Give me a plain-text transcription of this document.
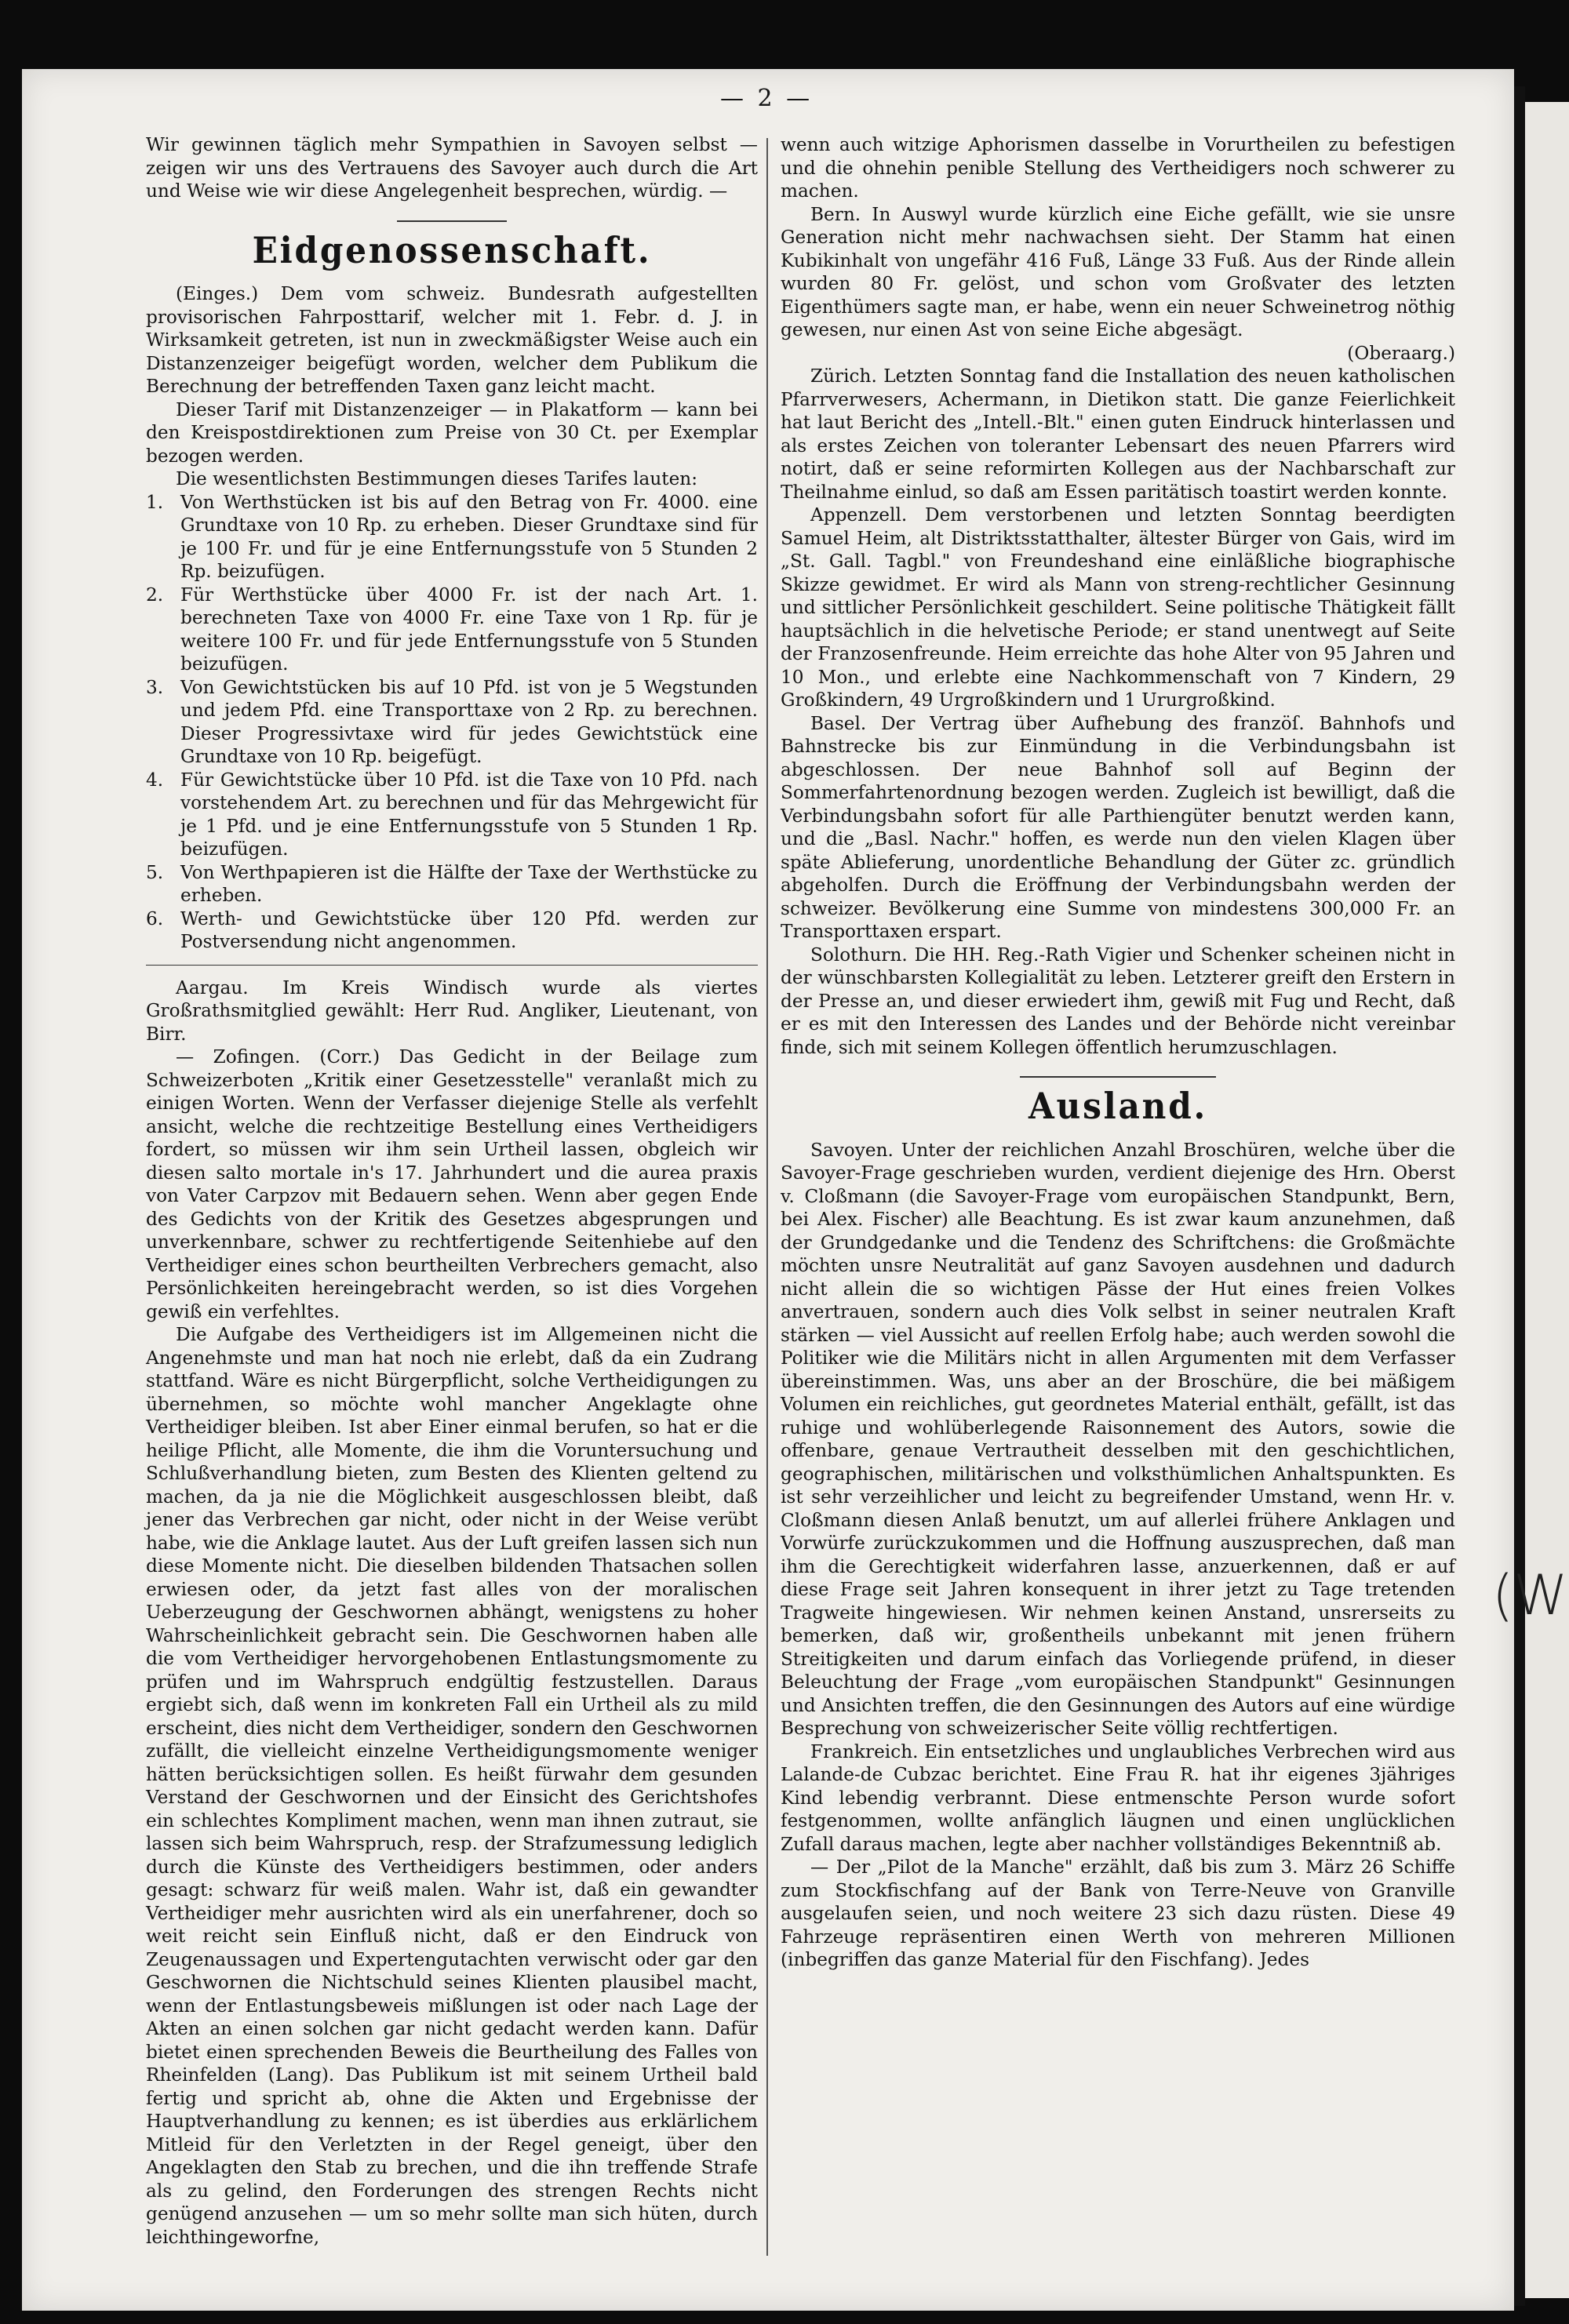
— 2 —

Wir gewinnen täglich mehr Sympathien in Savoyen selbst — zeigen wir uns des Vertrauens des Savoyer auch durch die Art und Weise wie wir diese Angelegenheit besprechen, würdig. —

Eidgenossenschaft.

(Einges.) Dem vom schweiz. Bundesrath aufgestellten provisorischen Fahrposttarif, welcher mit 1. Febr. d. J. in Wirksamkeit getreten, ist nun in zweckmäßigster Weise auch ein Distanzenzeiger beigefügt worden, welcher dem Publikum die Berechnung der betreffenden Taxen ganz leicht macht.

Dieser Tarif mit Distanzenzeiger — in Plakatform — kann bei den Kreispostdirektionen zum Preise von 30 Ct. per Exemplar bezogen werden.

Die wesentlichsten Bestimmungen dieses Tarifes lauten:

1. Von Werthstücken ist bis auf den Betrag von Fr. 4000. eine Grundtaxe von 10 Rp. zu erheben. Dieser Grundtaxe sind für je 100 Fr. und für je eine Entfernungsstufe von 5 Stunden 2 Rp. beizufügen.
2. Für Werthstücke über 4000 Fr. ist der nach Art. 1. berechneten Taxe von 4000 Fr. eine Taxe von 1 Rp. für je weitere 100 Fr. und für jede Entfernungsstufe von 5 Stunden beizufügen.
3. Von Gewichtstücken bis auf 10 Pfd. ist von je 5 Wegstunden und jedem Pfd. eine Transporttaxe von 2 Rp. zu berechnen. Dieser Progressivtaxe wird für jedes Gewichtstück eine Grundtaxe von 10 Rp. beigefügt.
4. Für Gewichtstücke über 10 Pfd. ist die Taxe von 10 Pfd. nach vorstehendem Art. zu berechnen und für das Mehrgewicht für je 1 Pfd. und je eine Entfernungsstufe von 5 Stunden 1 Rp. beizufügen.
5. Von Werthpapieren ist die Hälfte der Taxe der Werthstücke zu erheben.
6. Werth- und Gewichtstücke über 120 Pfd. werden zur Postversendung nicht angenommen.

Aargau. Im Kreis Windisch wurde als viertes Großrathsmitglied gewählt: Herr Rud. Angliker, Lieutenant, von Birr.

— Zofingen. (Corr.) Das Gedicht in der Beilage zum Schweizerboten „Kritik einer Gesetzesstelle" veranlaßt mich zu einigen Worten. Wenn der Verfasser diejenige Stelle als verfehlt ansicht, welche die rechtzeitige Bestellung eines Vertheidigers fordert, so müssen wir ihm sein Urtheil lassen, obgleich wir diesen salto mortale in's 17. Jahrhundert und die aurea praxis von Vater Carpzov mit Bedauern sehen. Wenn aber gegen Ende des Gedichts von der Kritik des Gesetzes abgesprungen und unverkennbare, schwer zu rechtfertigende Seitenhiebe auf den Vertheidiger eines schon beurtheilten Verbrechers gemacht, also Persönlichkeiten hereingebracht werden, so ist dies Vorgehen gewiß ein verfehltes.

Die Aufgabe des Vertheidigers ist im Allgemeinen nicht die Angenehmste und man hat noch nie erlebt, daß da ein Zudrang stattfand. Wäre es nicht Bürgerpflicht, solche Vertheidigungen zu übernehmen, so möchte wohl mancher Angeklagte ohne Vertheidiger bleiben. Ist aber Einer einmal berufen, so hat er die heilige Pflicht, alle Momente, die ihm die Voruntersuchung und Schlußverhandlung bieten, zum Besten des Klienten geltend zu machen, da ja nie die Möglichkeit ausgeschlossen bleibt, daß jener das Verbrechen gar nicht, oder nicht in der Weise verübt habe, wie die Anklage lautet. Aus der Luft greifen lassen sich nun diese Momente nicht. Die dieselben bildenden Thatsachen sollen erwiesen oder, da jetzt fast alles von der moralischen Ueberzeugung der Geschwornen abhängt, wenigstens zu hoher Wahrscheinlichkeit gebracht sein. Die Geschwornen haben alle die vom Vertheidiger hervorgehobenen Entlastungsmomente zu prüfen und im Wahrspruch endgültig festzustellen. Daraus ergiebt sich, daß wenn im konkreten Fall ein Urtheil als zu mild erscheint, dies nicht dem Vertheidiger, sondern den Geschwornen zufällt, die vielleicht einzelne Vertheidigungsmomente weniger hätten berücksichtigen sollen. Es heißt fürwahr dem gesunden Verstand der Geschwornen und der Einsicht des Gerichtshofes ein schlechtes Kompliment machen, wenn man ihnen zutraut, sie lassen sich beim Wahrspruch, resp. der Strafzumessung lediglich durch die Künste des Vertheidigers bestimmen, oder anders gesagt: schwarz für weiß malen. Wahr ist, daß ein gewandter Vertheidiger mehr ausrichten wird als ein unerfahrener, doch so weit reicht sein Einfluß nicht, daß er den Eindruck von Zeugenaussagen und Expertengutachten verwischt oder gar den Geschwornen die Nichtschuld seines Klienten plausibel macht, wenn der Entlastungsbeweis mißlungen ist oder nach Lage der Akten an einen solchen gar nicht gedacht werden kann. Dafür bietet einen sprechenden Beweis die Beurtheilung des Falles von Rheinfelden (Lang). Das Publikum ist mit seinem Urtheil bald fertig und spricht ab, ohne die Akten und Ergebnisse der Hauptverhandlung zu kennen; es ist überdies aus erklärlichem Mitleid für den Verletzten in der Regel geneigt, über den Angeklagten den Stab zu brechen, und die ihn treffende Strafe als zu gelind, den Forderungen des strengen Rechts nicht genügend anzusehen — um so mehr sollte man sich hüten, durch leichthingeworfne,

wenn auch witzige Aphorismen dasselbe in Vorurtheilen zu befestigen und die ohnehin penible Stellung des Vertheidigers noch schwerer zu machen.

Bern. In Auswyl wurde kürzlich eine Eiche gefällt, wie sie unsre Generation nicht mehr nachwachsen sieht. Der Stamm hat einen Kubikinhalt von ungefähr 416 Fuß, Länge 33 Fuß. Aus der Rinde allein wurden 80 Fr. gelöst, und schon vom Großvater des letzten Eigenthümers sagte man, er habe, wenn ein neuer Schweinetrog nöthig gewesen, nur einen Ast von seine Eiche abgesägt.

(Oberaarg.)

Zürich. Letzten Sonntag fand die Installation des neuen katholischen Pfarrverwesers, Achermann, in Dietikon statt. Die ganze Feierlichkeit hat laut Bericht des „Intell.-Blt." einen guten Eindruck hinterlassen und als erstes Zeichen von toleranter Lebensart des neuen Pfarrers wird notirt, daß er seine reformirten Kollegen aus der Nachbarschaft zur Theilnahme einlud, so daß am Essen paritätisch toastirt werden konnte.

Appenzell. Dem verstorbenen und letzten Sonntag beerdigten Samuel Heim, alt Distriktsstatthalter, ältester Bürger von Gais, wird im „St. Gall. Tagbl." von Freundeshand eine einläßliche biographische Skizze gewidmet. Er wird als Mann von streng-rechtlicher Gesinnung und sittlicher Persönlichkeit geschildert. Seine politische Thätigkeit fällt hauptsächlich in die helvetische Periode; er stand unentwegt auf Seite der Franzosenfreunde. Heim erreichte das hohe Alter von 95 Jahren und 10 Mon., und erlebte eine Nachkommenschaft von 7 Kindern, 29 Großkindern, 49 Urgroßkindern und 1 Ururgroßkind.

Basel. Der Vertrag über Aufhebung des franzöſ. Bahnhofs und Bahnstrecke bis zur Einmündung in die Verbindungsbahn ist abgeschlossen. Der neue Bahnhof soll auf Beginn der Sommerfahrtenordnung bezogen werden. Zugleich ist bewilligt, daß die Verbindungsbahn sofort für alle Parthiengüter benutzt werden kann, und die „Basl. Nachr." hoffen, es werde nun den vielen Klagen über späte Ablieferung, unordentliche Behandlung der Güter zc. gründlich abgeholfen. Durch die Eröffnung der Verbindungsbahn werden der schweizer. Bevölkerung eine Summe von mindestens 300,000 Fr. an Transporttaxen erspart.

Solothurn. Die HH. Reg.-Rath Vigier und Schenker scheinen nicht in der wünschbarsten Kollegialität zu leben. Letzterer greift den Erstern in der Presse an, und dieser erwiedert ihm, gewiß mit Fug und Recht, daß er es mit den Interessen des Landes und der Behörde nicht vereinbar finde, sich mit seinem Kollegen öffentlich herumzuschlagen.

Ausland.

Savoyen. Unter der reichlichen Anzahl Broschüren, welche über die Savoyer-Frage geschrieben wurden, verdient diejenige des Hrn. Oberst v. Cloßmann (die Savoyer-Frage vom europäischen Standpunkt, Bern, bei Alex. Fischer) alle Beachtung. Es ist zwar kaum anzunehmen, daß der Grundgedanke und die Tendenz des Schriftchens: die Großmächte möchten unsre Neutralität auf ganz Savoyen ausdehnen und dadurch nicht allein die so wichtigen Pässe der Hut eines freien Volkes anvertrauen, sondern auch dies Volk selbst in seiner neutralen Kraft stärken — viel Aussicht auf reellen Erfolg habe; auch werden sowohl die Politiker wie die Militärs nicht in allen Argumenten mit dem Verfasser übereinstimmen. Was, uns aber an der Broschüre, die bei mäßigem Volumen ein reichliches, gut geordnetes Material enthält, gefällt, ist das ruhige und wohlüberlegende Raisonnement des Autors, sowie die offenbare, genaue Vertrautheit desselben mit den geschichtlichen, geographischen, militärischen und volksthümlichen Anhaltspunkten. Es ist sehr verzeihlicher und leicht zu begreifender Umstand, wenn Hr. v. Cloßmann diesen Anlaß benutzt, um auf allerlei frühere Anklagen und Vorwürfe zurückzukommen und die Hoffnung auszusprechen, daß man ihm die Gerechtigkeit widerfahren lasse, anzuerkennen, daß er auf diese Frage seit Jahren konsequent in ihrer jetzt zu Tage tretenden Tragweite hingewiesen. Wir nehmen keinen Anstand, unsrerseits zu bemerken, daß wir, großentheils unbekannt mit jenen frühern Streitigkeiten und darum einfach das Vorliegende prüfend, in dieser Beleuchtung der Frage „vom europäischen Standpunkt" Gesinnungen und Ansichten treffen, die den Gesinnungen des Autors auf eine würdige Besprechung von schweizerischer Seite völlig rechtfertigen.

Frankreich. Ein entsetzliches und unglaubliches Verbrechen wird aus Lalande-de Cubzac berichtet. Eine Frau R. hat ihr eigenes 3jähriges Kind lebendig verbrannt. Diese entmenschte Person wurde sofort festgenommen, wollte anfänglich läugnen und einen unglücklichen Zufall daraus machen, legte aber nachher vollständiges Bekenntniß ab.

— Der „Pilot de la Manche" erzählt, daß bis zum 3. März 26 Schiffe zum Stockfischfang auf der Bank von Terre-Neuve von Granville ausgelaufen seien, und noch weitere 23 sich dazu rüsten. Diese 49 Fahrzeuge repräsentiren einen Werth von mehreren Millionen (inbegriffen das ganze Material für den Fischfang). Jedes

(W
